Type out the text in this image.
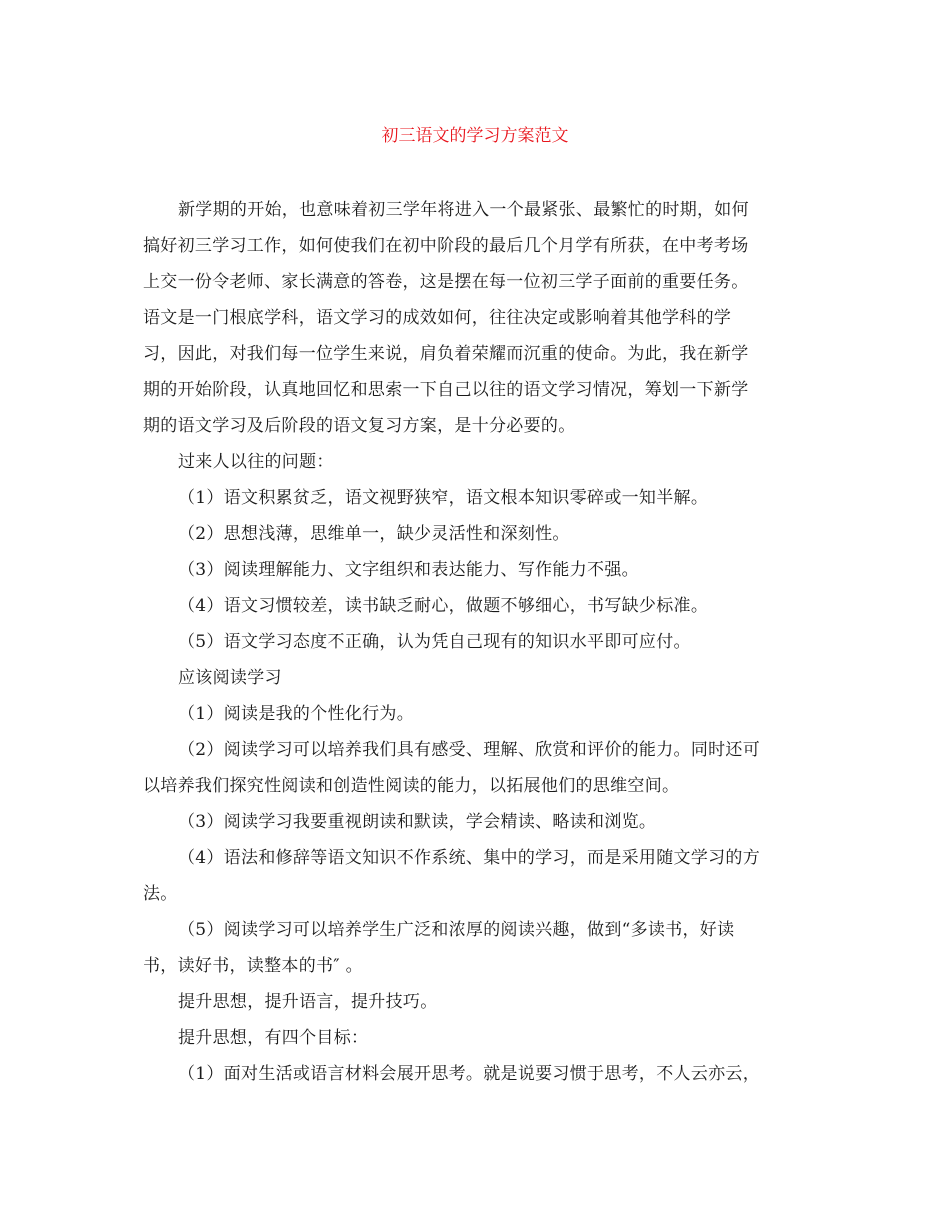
初三语文的学习方案范文
新学期的开始，也意味着初三学年将进入一个最紧张、最繁忙的时期，如何
搞好初三学习工作，如何使我们在初中阶段的最后几个月学有所获，在中考考场
上交一份令老师、家长满意的答卷，这是摆在每一位初三学子面前的重要任务。
语文是一门根底学科，语文学习的成效如何，往往决定或影响着其他学科的学
习，因此，对我们每一位学生来说，肩负着荣耀而沉重的使命。为此，我在新学
期的开始阶段，认真地回忆和思索一下自己以往的语文学习情况，筹划一下新学
期的语文学习及后阶段的语文复习方案，是十分必要的。
过来人以往的问题：
（1）语文积累贫乏，语文视野狭窄，语文根本知识零碎或一知半解。
（2）思想浅薄，思维单一，缺少灵活性和深刻性。
（3）阅读理解能力、文字组织和表达能力、写作能力不强。
（4）语文习惯较差，读书缺乏耐心，做题不够细心，书写缺少标准。
（5）语文学习态度不正确，认为凭自己现有的知识水平即可应付。
应该阅读学习
（1）阅读是我的个性化行为。
（2）阅读学习可以培养我们具有感受、理解、欣赏和评价的能力。同时还可
以培养我们探究性阅读和创造性阅读的能力，以拓展他们的思维空间。
（3）阅读学习我要重视朗读和默读，学会精读、略读和浏览。
（4）语法和修辞等语文知识不作系统、集中的学习，而是采用随文学习的方
法。
（5）阅读学习可以培养学生广泛和浓厚的阅读兴趣，做到“多读书，好读
书，读好书，读整本的书″ 。
提升思想，提升语言，提升技巧。
提升思想，有四个目标：
（1）面对生活或语言材料会展开思考。就是说要习惯于思考，不人云亦云，
